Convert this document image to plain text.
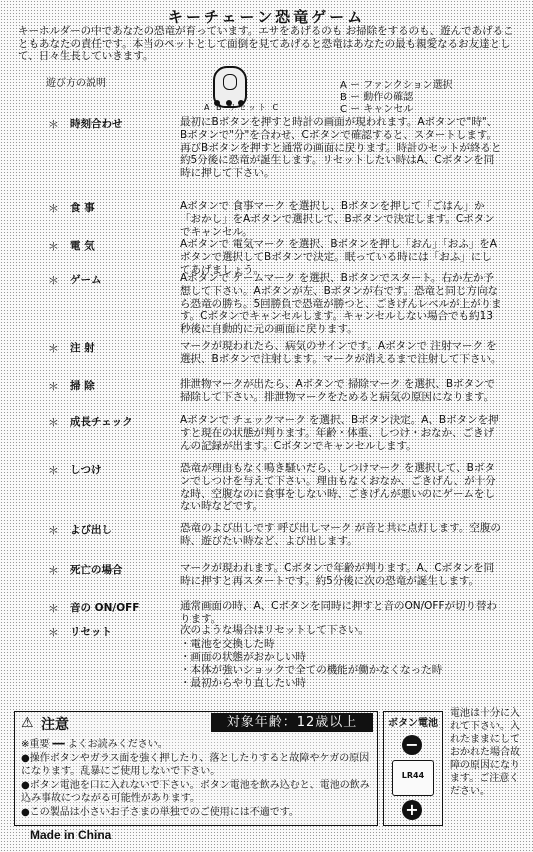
キーチェーン恐竜ゲーム
キーホルダーの中であなたの恐竜が育っています。エサをあげるのも お掃除をするのも、遊んであげることもあなたの責任です。本当のペットとして面倒を見てあげると恐竜はあなたの最も親愛なるお友達として、日々生長していきます。
遊び方の説明
A B リセット C
A ー ファンクション選択
B ー 動作の確認
C ー キャンセル
＊ 時刻合わせ	最初にBボタンを押すと時計の画面が現われます。Aボタンで"時"、Bボタンで"分"を合わせ、Cボタンで確認すると、スタートします。再びBボタンを押すと通常の画面に戻ります。時計のセットが終ると約5分後に恐竜が誕生します。リセットしたい時はA、Cボタンを同時に押して下さい。
＊ 食 事	Aボタンで 食事マーク を選択し、Bボタンを押して「ごはん」か「おかし」をAボタンで選択して、Bボタンで決定します。Cボタンでキャンセル。
＊ 電 気	Aボタンで 電気マーク を選択、Bボタンを押し「おん」「おふ」をAボタンで選択してBボタンで決定。眠っている時には「おふ」にしてあげましょう。
＊ ゲーム	Aボタンで ゲームマーク を選択、Bボタンでスタート。右か左か予想して下さい。Aボタンが左、Bボタンが右です。恐竜と同じ方向なら恐竜の勝ち。5回勝負で恐竜が勝つと、ごきげんレベルが上がります。Cボタンでキャンセルします。キャンセルしない場合でも約13秒後に自動的に元の画面に戻ります。
＊ 注 射	マークが現われたら、病気のサインです。Aボタンで 注射マーク を選択、Bボタンで注射します。マークが消えるまで注射して下さい。
＊ 掃 除	排泄物マークが出たら、Aボタンで 掃除マーク を選択、Bボタンで掃除して下さい。排泄物マークをためると病気の原因になります。
＊ 成長チェック	Aボタンで チェックマーク を選択、Bボタン決定。A、Bボタンを押すと現在の状態が判ります。年齢・体重、しつけ・おなか、ごきげんの記録が出ます。Cボタンでキャンセルします。
＊ しつけ	恐竜が理由もなく鳴き騒いだら、しつけマーク を選択して、Bボタンでしつけを与えて下さい。理由もなくおなか、ごきげん、が十分な時、空腹なのに食事をしない時、ごきげんが悪いのにゲームをしない時などです。
＊ よび出し	恐竜のよび出しです 呼び出しマーク が音と共に点灯します。空腹の時、遊びたい時など、よび出します。
＊ 死亡の場合	マークが現われます。Cボタンで年齢が判ります。A、Cボタンを同時に押すと再スタートです。約5分後に次の恐竜が誕生します。
＊ 音の ON/OFF	通常画面の時、A、Cボタンを同時に押すと音のON/OFFが切り替わります。
＊ リセット	次のような場合はリセットして下さい。
・電池を交換した時
・画面の状態がおかしい時
・本体が強いショックで全ての機能が働かなくなった時
・最初からやり直したい時
⚠ 注意	対象年齢：12歳以上
※重要 ━━ よくお読みください。
●操作ボタンやガラス面を強く押したり、落としたりすると故障やケガの原因になります。乱暴にご使用しないで下さい。
●ボタン電池を口に入れないで下さい。ボタン電池を飲み込むと、電池の飲み込み事故につながる可能性があります。
●この製品は小さいお子さまの単独でのご使用には不適です。
ボタン電池
−
LR44
+
電池は十分に入れて下さい。入れたままにしておかれた場合故障の原因になります。ご注意ください。
Made in China
